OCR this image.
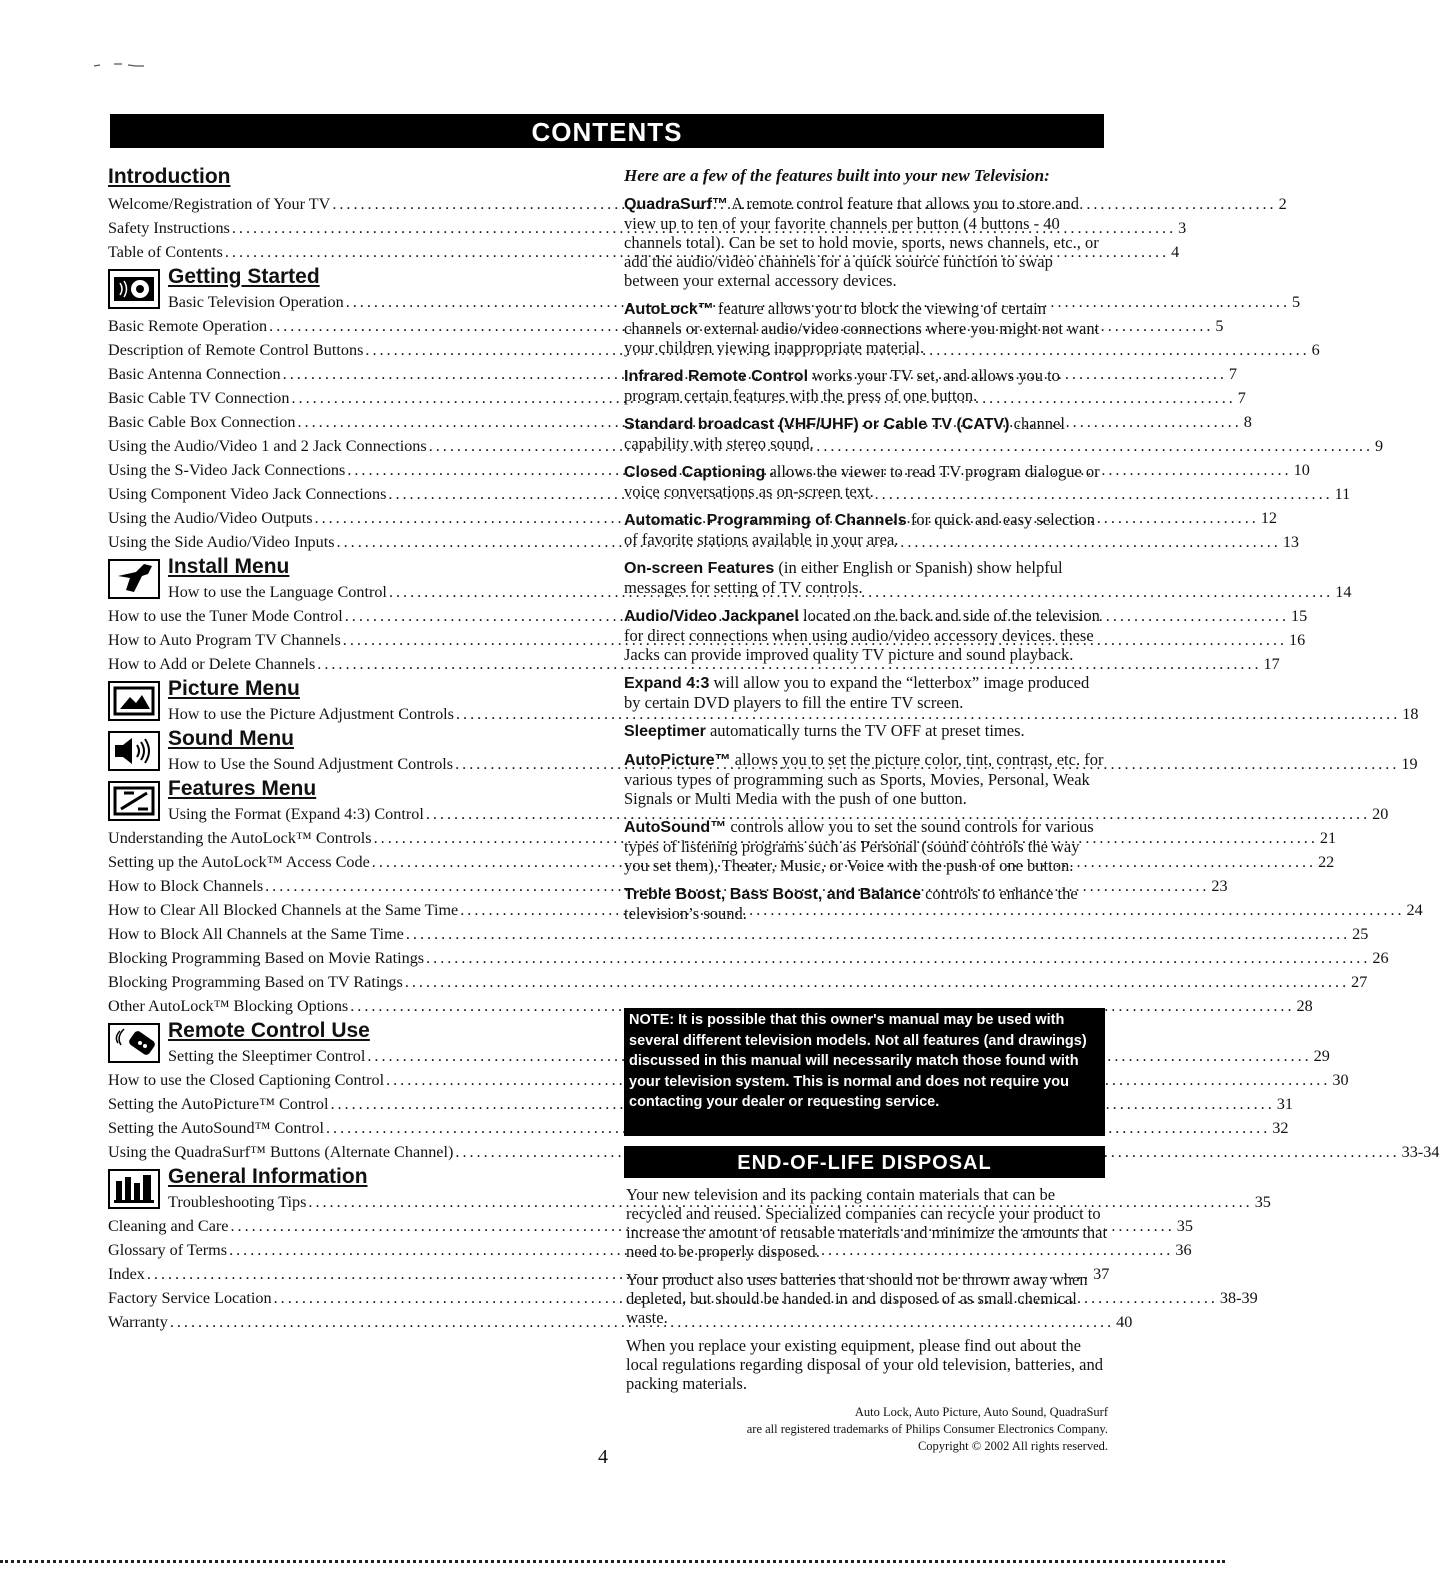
CONTENTS
Introduction
Welcome/Registration of Your TV .....	2
Safety Instructions .....	3
Table of Contents .....	4
Getting Started
Basic Television Operation .....	5
Basic Remote Operation .....	5
Description of Remote Control Buttons .....	6
Basic Antenna Connection .....	7
Basic Cable TV Connection .....	7
Basic Cable Box Connection .....	8
Using the Audio/Video 1 and 2 Jack Connections .....	9
Using the S-Video Jack Connections .....	10
Using Component Video Jack Connections .....	11
Using the Audio/Video Outputs .....	12
Using the Side Audio/Video Inputs .....	13
Install Menu
How to use the Language Control .....	14
How to use the Tuner Mode Control .....	15
How to Auto Program TV Channels .....	16
How to Add or Delete Channels .....	17
Picture Menu
How to use the Picture Adjustment Controls .....	18
Sound Menu
How to Use the Sound Adjustment Controls .....	19
Features Menu
Using the Format (Expand 4:3) Control .....	20
Understanding the AutoLock™ Controls .....	21
Setting up the AutoLock™ Access Code .....	22
How to Block Channels .....	23
How to Clear All Blocked Channels at the Same Time .....	24
How to Block All Channels at the Same Time .....	25
Blocking Programming Based on Movie Ratings .....	26
Blocking Programming Based on TV Ratings .....	27
Other AutoLock™ Blocking Options .....	28
Remote Control Use
Setting the Sleeptimer Control .....	29
How to use the Closed Captioning Control .....	30
Setting the AutoPicture™ Control .....	31
Setting the AutoSound™ Control .....	32
Using the QuadraSurf™ Buttons (Alternate Channel) .....	33-34
General Information
Troubleshooting Tips .....	35
Cleaning and Care .....	35
Glossary of Terms .....	36
Index .....	37
Factory Service Location .....	38-39
Warranty .....	40
Here are a few of the features built into your new Television:
QuadraSurf™ A remote control feature that allows you to store and view up to ten of your favorite channels per button (4 buttons - 40 channels total). Can be set to hold movie, sports, news channels, etc., or add the audio/video channels for a quick source function to swap between your external accessory devices.
AutoLock™ feature allows you to block the viewing of certain channels or external audio/video connections where you might not want your children viewing inappropriate material.
Infrared Remote Control works your TV set, and allows you to program certain features with the press of one button.
Standard broadcast (VHF/UHF) or Cable TV (CATV) channel capability with stereo sound.
Closed Captioning allows the viewer to read TV program dialogue or voice conversations as on-screen text.
Automatic Programming of Channels for quick and easy selection of favorite stations available in your area.
On-screen Features (in either English or Spanish) show helpful messages for setting of TV controls.
Audio/Video Jackpanel located on the back and side of the television for direct connections when using audio/video accessory devices. these Jacks can provide improved quality TV picture and sound playback.
Expand 4:3 will allow you to expand the “letterbox” image produced by certain DVD players to fill the entire TV screen.
Sleeptimer automatically turns the TV OFF at preset times.
AutoPicture™ allows you to set the picture color, tint, contrast, etc. for various types of programming such as Sports, Movies, Personal, Weak Signals or Multi Media with the push of one button.
AutoSound™ controls allow you to set the sound controls for various types of listening programs such as Personal (sound controls the way you set them), Theater, Music, or Voice with the push of one button.
Treble Boost, Bass Boost, and Balance controls to enhance the television’s sound.
NOTE: It is possible that this owner's manual may be used with several different television models. Not all features (and drawings) discussed in this manual will necessarily match those found with your television system. This is normal and does not require you contacting your dealer or requesting service.
END-OF-LIFE DISPOSAL
Your new television and its packing contain materials that can be recycled and reused. Specialized companies can recycle your product to increase the amount of reusable materials and minimize the amounts that need to be properly disposed.
Your product also uses batteries that should not be thrown away when depleted, but should be handed in and disposed of as small chemical waste.
When you replace your existing equipment, please find out about the local regulations regarding disposal of your old television, batteries, and packing materials.
Auto Lock, Auto Picture, Auto Sound, QuadraSurf
are all registered trademarks of Philips Consumer Electronics Company.
Copyright © 2002 All rights reserved.
4
